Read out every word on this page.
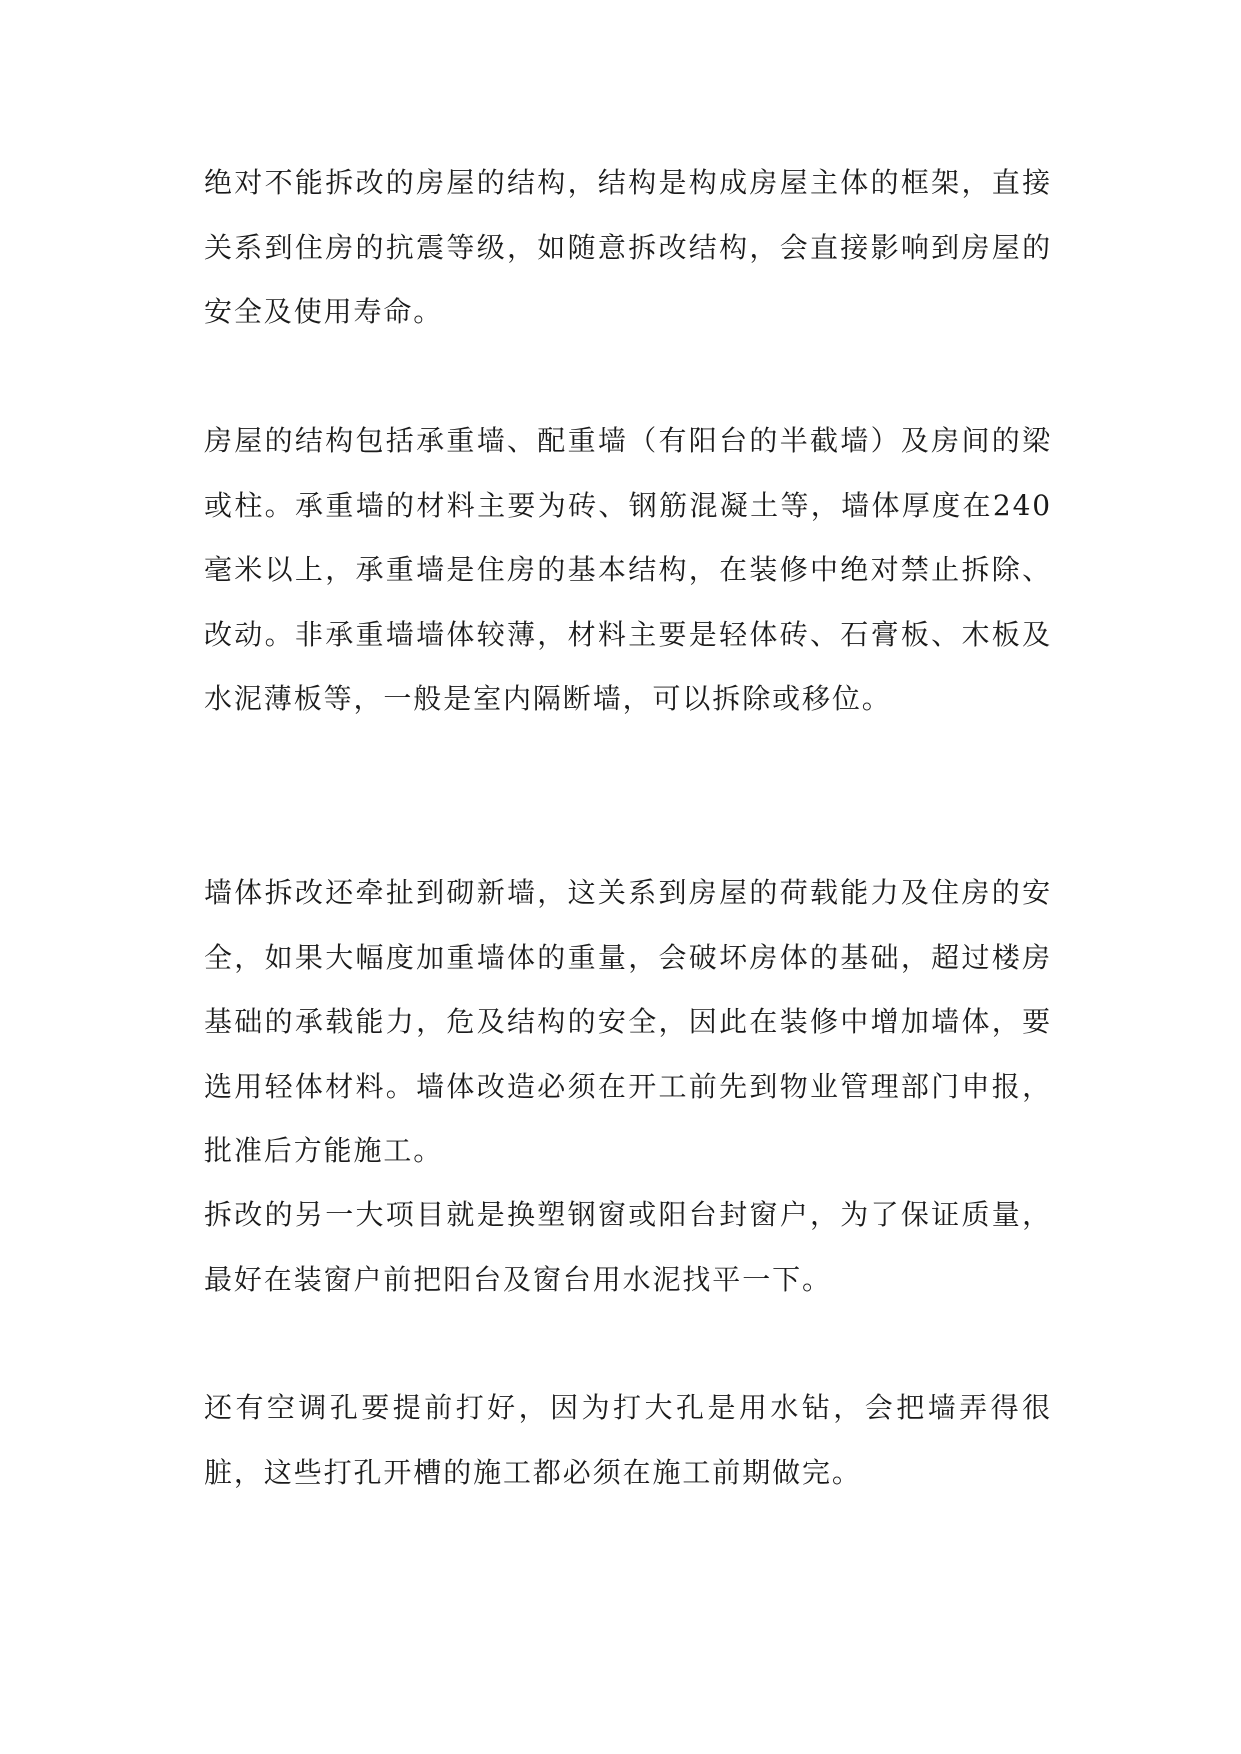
绝对不能拆改的房屋的结构，结构是构成房屋主体的框架，直接关系到住房的抗震等级，如随意拆改结构，会直接影响到房屋的安全及使用寿命。

房屋的结构包括承重墙、配重墙（有阳台的半截墙）及房间的梁或柱。承重墙的材料主要为砖、钢筋混凝土等，墙体厚度在240毫米以上，承重墙是住房的基本结构，在装修中绝对禁止拆除、改动。非承重墙墙体较薄，材料主要是轻体砖、石膏板、木板及水泥薄板等，一般是室内隔断墙，可以拆除或移位。

墙体拆改还牵扯到砌新墙，这关系到房屋的荷载能力及住房的安全，如果大幅度加重墙体的重量，会破坏房体的基础，超过楼房基础的承载能力，危及结构的安全，因此在装修中增加墙体，要选用轻体材料。墙体改造必须在开工前先到物业管理部门申报，批准后方能施工。

拆改的另一大项目就是换塑钢窗或阳台封窗户，为了保证质量，最好在装窗户前把阳台及窗台用水泥找平一下。

还有空调孔要提前打好，因为打大孔是用水钻，会把墙弄得很脏，这些打孔开槽的施工都必须在施工前期做完。
